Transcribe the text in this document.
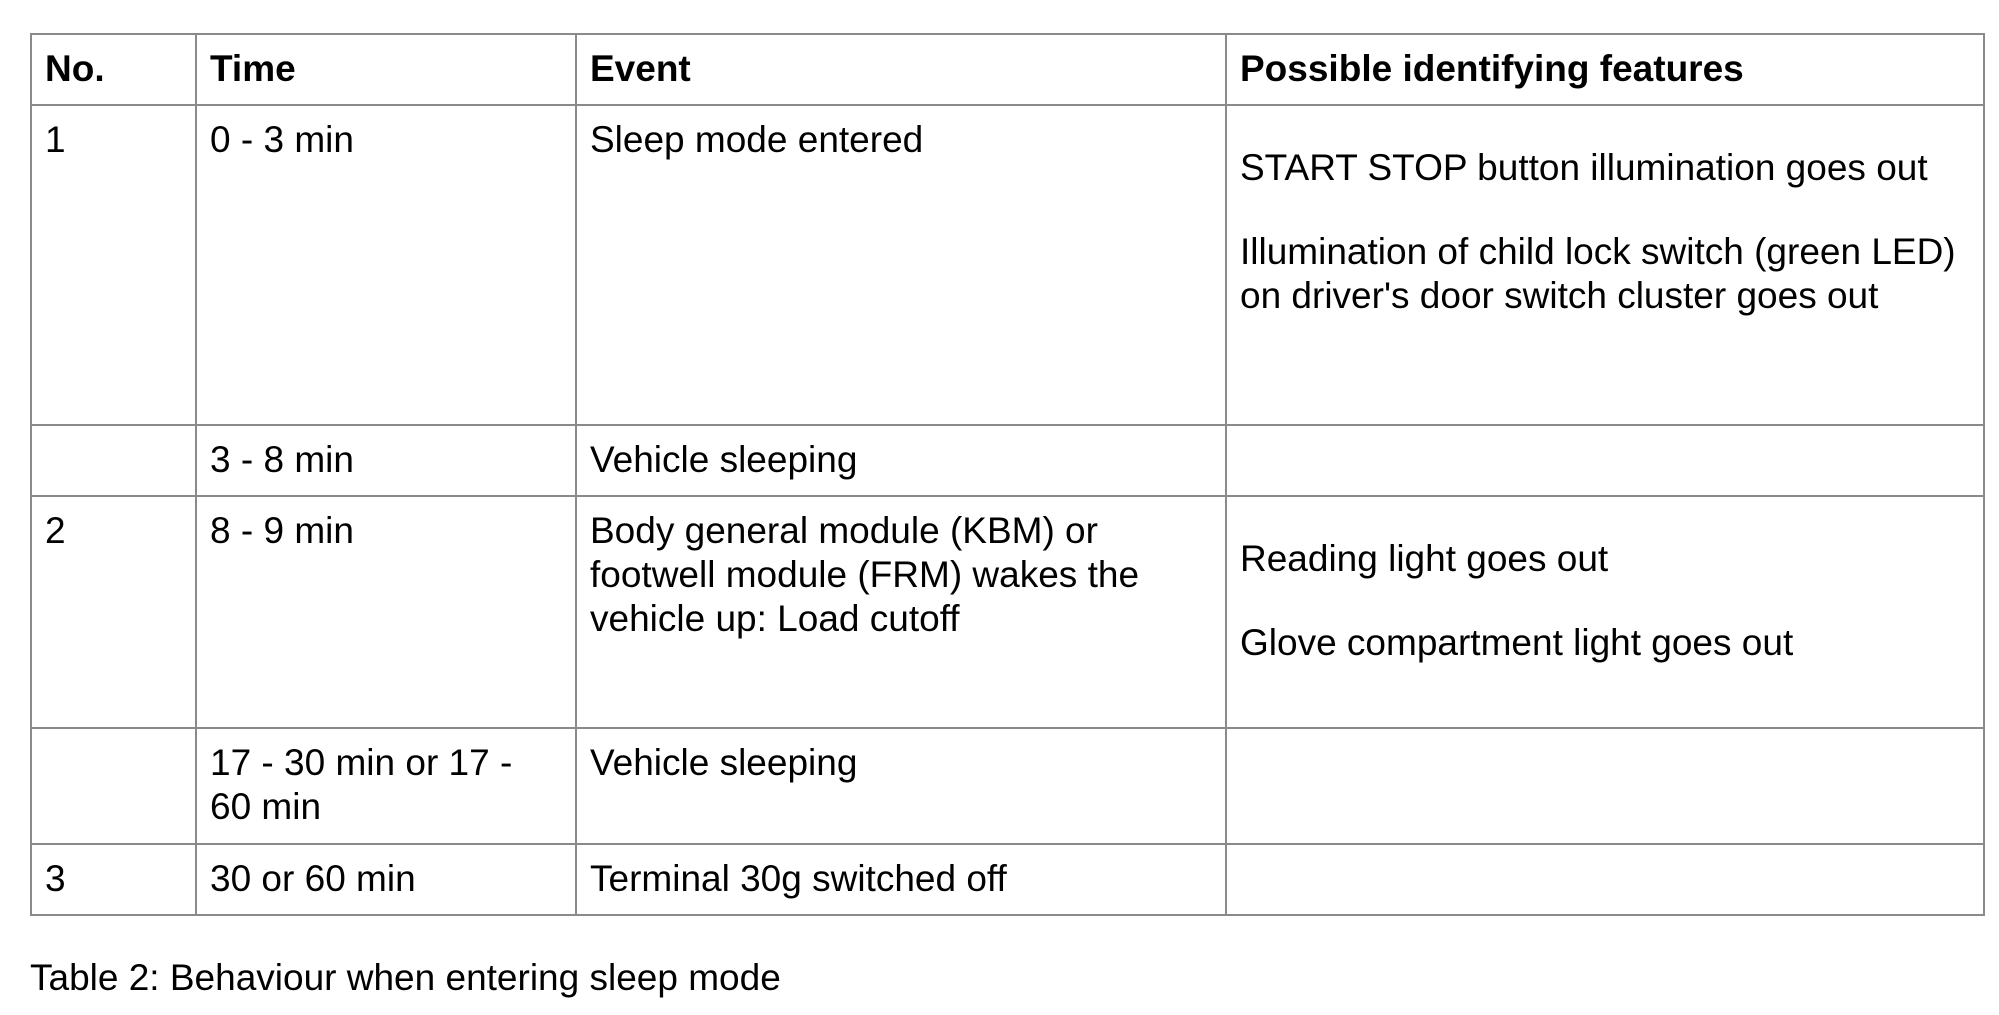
No.	Time	Event	Possible identifying features
1	0 - 3 min	Sleep mode entered	START STOP button illumination goes out
Illumination of child lock switch (green LED) on driver's door switch cluster goes out

	3 - 8 min	Vehicle sleeping	
2	8 - 9 min	Body general module (KBM) or footwell module (FRM) wakes the vehicle up: Load cutoff	Reading light goes out
Glove compartment light goes out

	17 - 30 min or 17 - 60 min	Vehicle sleeping	
3	30 or 60 min	Terminal 30g switched off	
Table 2: Behaviour when entering sleep mode
